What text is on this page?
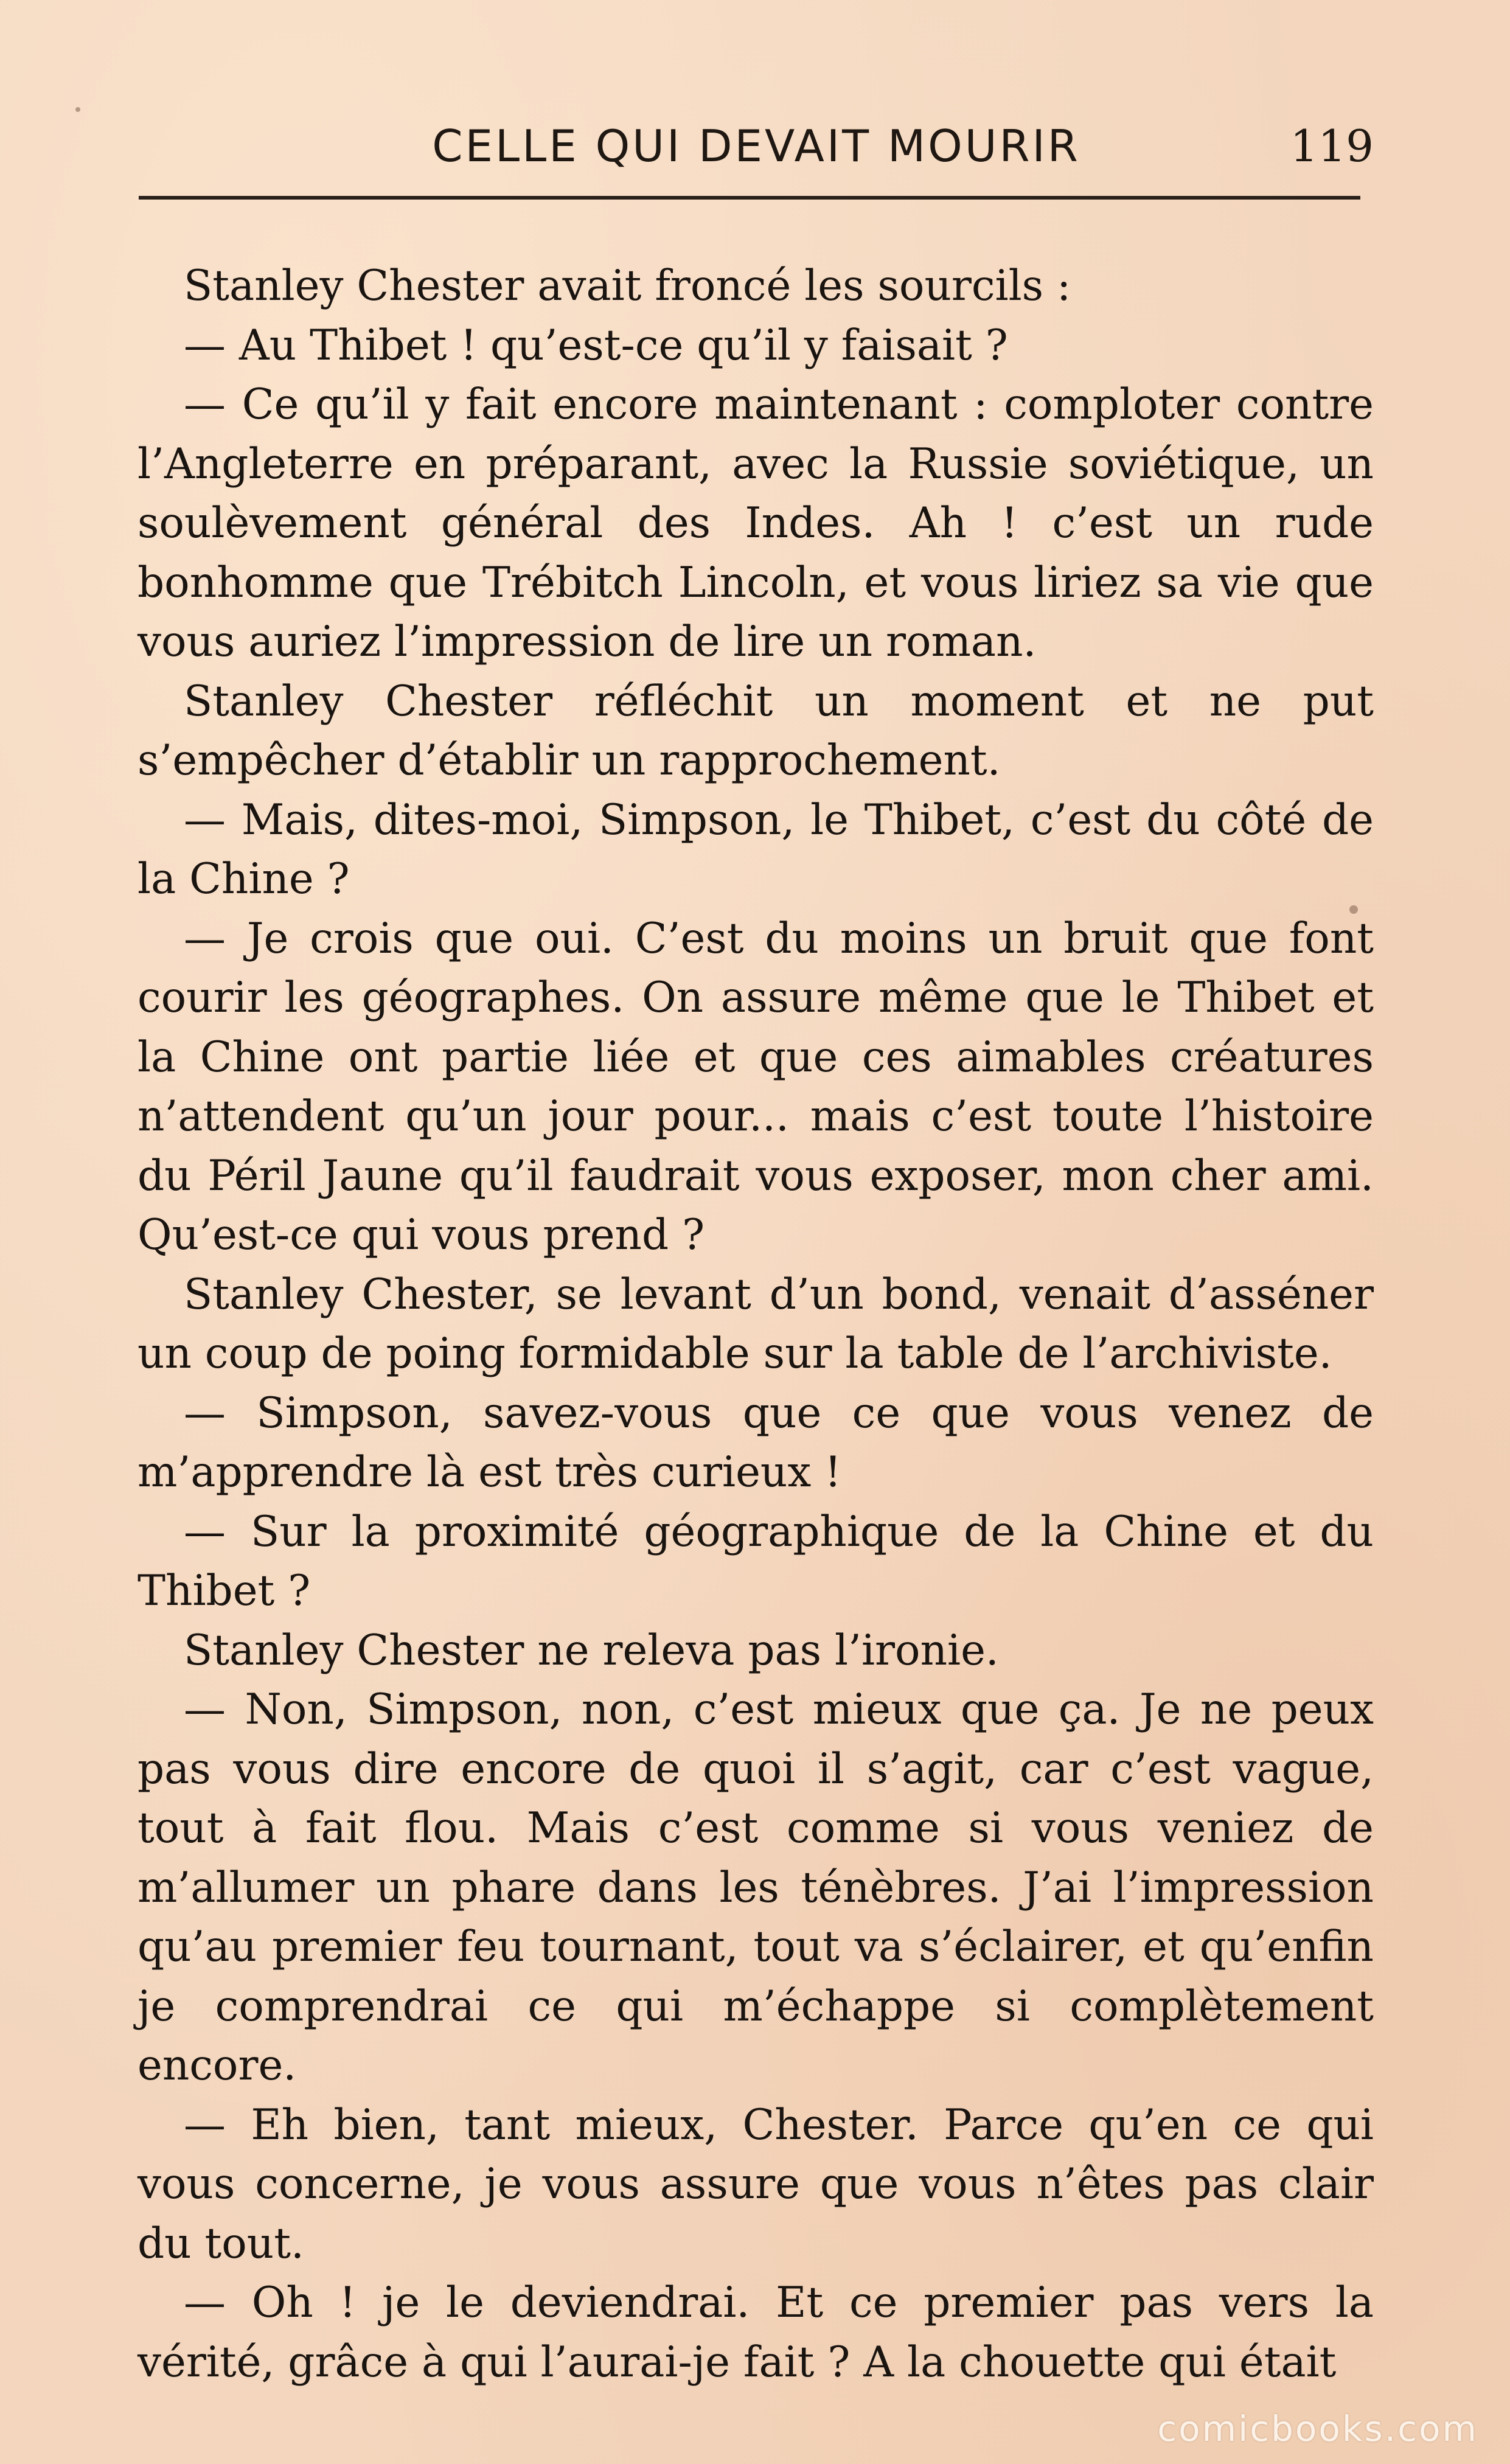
CELLE QUI DEVAIT MOURIR	119

Stanley Chester avait froncé les sourcils :

— Au Thibet ! qu’est-ce qu’il y faisait ?

— Ce qu’il y fait encore maintenant : comploter contre l’Angleterre en préparant, avec la Russie soviétique, un soulèvement général des Indes. Ah ! c’est un rude bonhomme que Trébitch Lincoln, et vous liriez sa vie que vous auriez l’impression de lire un roman.

Stanley Chester réfléchit un moment et ne put s’empêcher d’établir un rapprochement.

— Mais, dites-moi, Simpson, le Thibet, c’est du côté de la Chine ?

— Je crois que oui. C’est du moins un bruit que font courir les géographes. On assure même que le Thibet et la Chine ont partie liée et que ces aimables créatures n’attendent qu’un jour pour... mais c’est toute l’histoire du Péril Jaune qu’il faudrait vous exposer, mon cher ami. Qu’est-ce qui vous prend ?

Stanley Chester, se levant d’un bond, venait d’asséner un coup de poing formidable sur la table de l’archiviste.

— Simpson, savez-vous que ce que vous venez de m’apprendre là est très curieux !

— Sur la proximité géographique de la Chine et du Thibet ?

Stanley Chester ne releva pas l’ironie.

— Non, Simpson, non, c’est mieux que ça. Je ne peux pas vous dire encore de quoi il s’agit, car c’est vague, tout à fait flou. Mais c’est comme si vous veniez de m’allumer un phare dans les ténèbres. J’ai l’impression qu’au premier feu tournant, tout va s’éclairer, et qu’enfin je comprendrai ce qui m’échappe si complètement encore.

— Eh bien, tant mieux, Chester. Parce qu’en ce qui vous concerne, je vous assure que vous n’êtes pas clair du tout.

— Oh ! je le deviendrai. Et ce premier pas vers la vérité, grâce à qui l’aurai-je fait ? A la chouette qui était

comicbooks.com
